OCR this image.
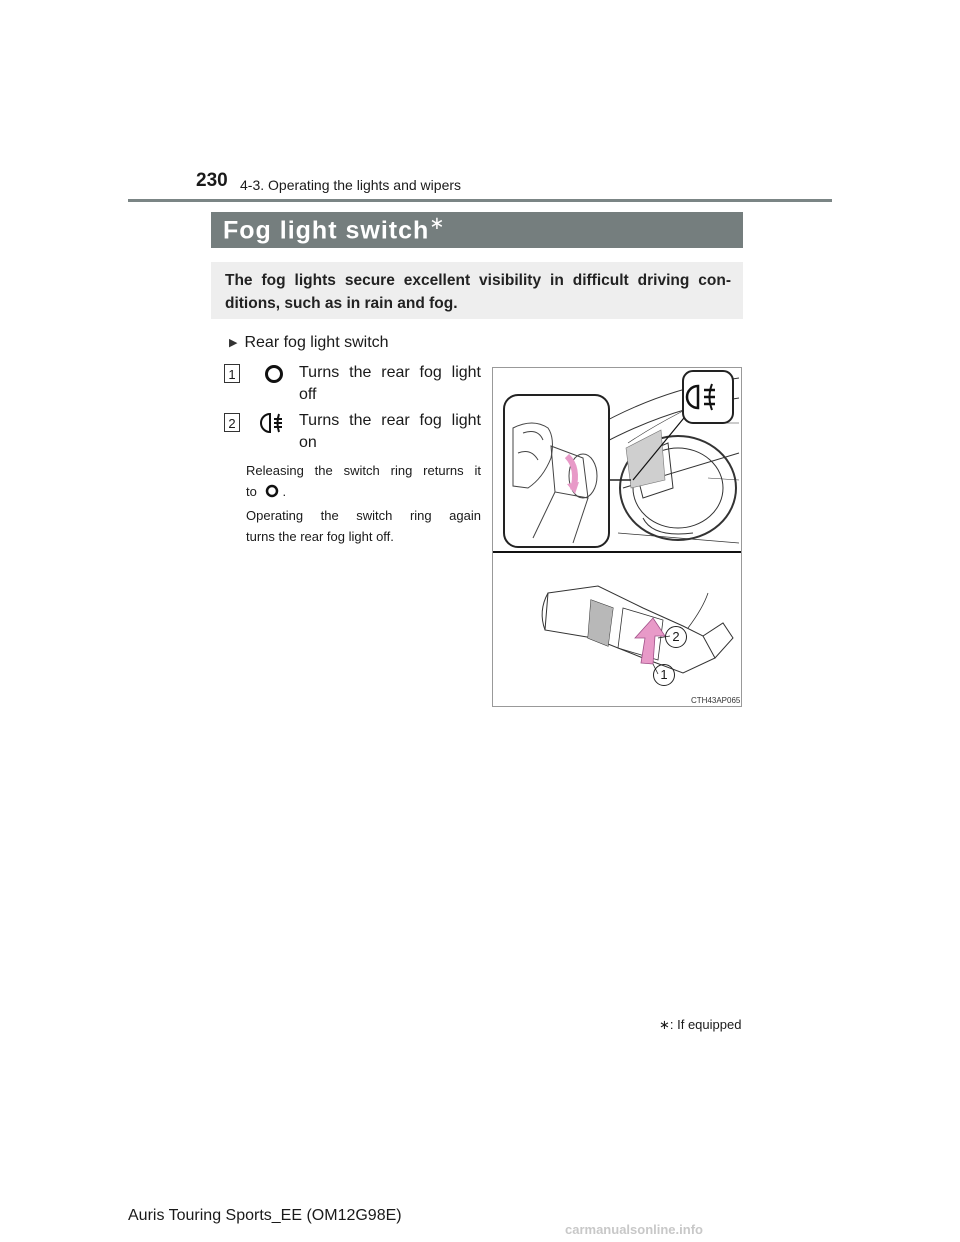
230 4-3. Operating the lights and wipers
Fog light switch∗
The fog lights secure excellent visibility in difficult driving con-ditions, such as in rain and fog.
▶ Rear fog light switch
1	Turns the rear fog light
off
2	Turns the rear fog light
on
Releasing the switch ring returns it
to .
Operating the switch ring again
turns the rear fog light off.
2
1
CTH43AP065
∗: If equipped
Auris Touring Sports_EE (OM12G98E)
carmanualsonline.info
